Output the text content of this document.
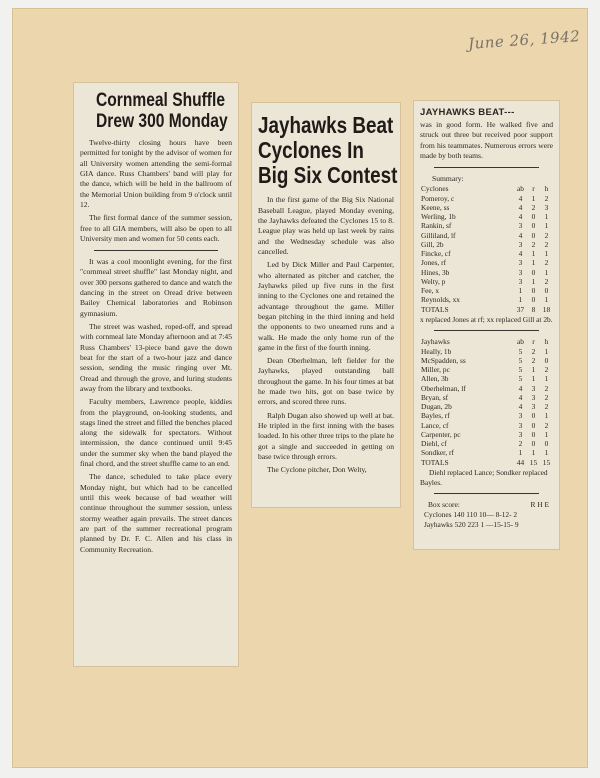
June 26, 1942
Cornmeal Shuffle
Drew 300 Monday

Twelve-thirty closing hours have been permitted for tonight by the advisor of women for all University women attending the semi-formal GIA dance. Russ Chambers' band will play for the dance, which will be held in the ballroom of the Memorial Union building from 9 o'clock until 12.

The first formal dance of the summer session, free to all GIA members, will also be open to all University men and women for 50 cents each.

It was a cool moonlight evening, for the first "cornmeal street shuffle" last Monday night, and over 300 persons gathered to dance and watch the dancing in the street on Oread drive between Bailey Chemical laboratories and Robinson gymnasium.

The street was washed, roped-off, and spread with cornmeal late Monday afternoon and at 7:45 Russ Chambers' 13-piece band gave the down beat for the start of a two-hour jazz and dance session, sending the music ringing over Mt. Oread and through the grove, and luring students away from the library and textbooks.

Faculty members, Lawrence people, kiddies from the playground, on-looking students, and stags lined the street and filled the benches placed along the sidewalk for spectators. Without intermission, the dance continued until 9:45 under the summer sky when the band played the final chord, and the street shuffle came to an end.

The dance, scheduled to take place every Monday night, but which had to be cancelled until this week because of bad weather will continue throughout the summer session, unless stormy weather again prevails. The street dances are part of the summer recreational program planned by Dr. F. C. Allen and his class in Community Recreation.

Jayhawks Beat
Cyclones In
Big Six Contest

In the first game of the Big Six National Baseball League, played Monday evening, the Jayhawks defeated the Cyclones 15 to 8. League play was held up last week by rains and the Wednesday schedule was also cancelled.

Led by Dick Miller and Paul Carpenter, who alternated as pitcher and catcher, the Jayhawks piled up five runs in the first inning to the Cyclones one and retained the advantage throughout the game. Miller began pitching in the third inning and held the opponents to two unearned runs and a walk. He made the only home run of the game in the first of the fourth inning.

Dean Oberhelman, left fielder for the Jayhawks, played outstanding ball throughout the game. In his four times at bat he made two hits, got on base twice by errors, and scored three runs.

Ralph Dugan also showed up well at bat. He tripled in the first inning with the bases loaded. In his other three trips to the plate he got a single and succeeded in getting on base twice through errors.

The Cyclone pitcher, Don Welty,

JAYHAWKS BEAT---

was in good form. He walked five and struck out three but received poor support from his teammates. Numerous errors were made by both teams.

Summary:
Cyclones	ab	r	h
Pomeroy, c	4	1	2
Keene, ss	4	2	3
Werling, 1b	4	0	1
Rankin, sf	3	0	1
Gilliland, lf	4	0	2
Gill, 2b	3	2	2
Fincke, cf	4	1	1
Jones, rf	3	1	2
Hines, 3b	3	0	1
Welty, p	3	1	2
Fee, x	1	0	0
Reynolds, xx	1	0	1
TOTALS	37	8	18
x replaced Jones at rf; xx replaced Gill at 2b.
Jayhawks	ab	r	h
Heally, 1b	5	2	1
McSpadden, ss	5	2	0
Miller, pc	5	1	2
Allen, 3b	5	1	1
Oberhelman, lf	4	3	2
Bryan, sf	4	3	2
Dugan, 2b	4	3	2
Bayles, rf	3	0	1
Lance, cf	3	0	2
Carpenter, pc	3	0	1
Diehl, cf	2	0	0
Sondker, rf	1	1	1
TOTALS	44	15	15
Diehl replaced Lance; Sondker replaced Bayles.
Box score:	R H E
Cyclones 140 110 10— 8-12- 2
Jayhawks 520 223 1 —15-15- 9
